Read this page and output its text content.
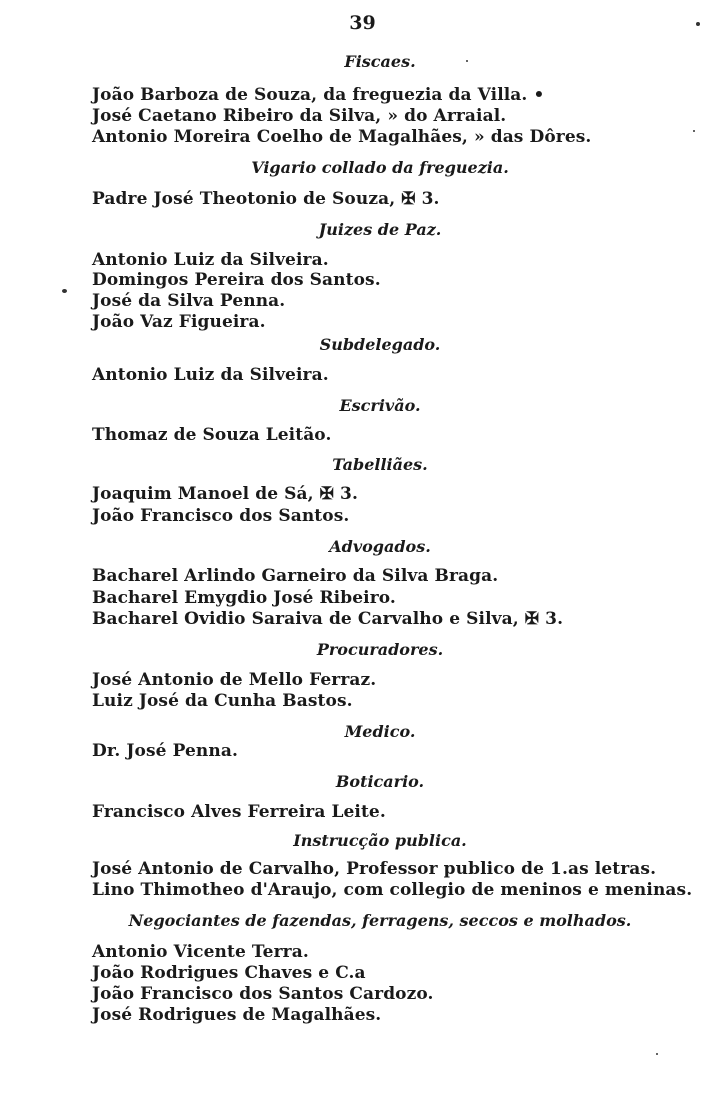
39
Fiscaes.
João Barboza de Souza, da freguezia da Villa. •
José Caetano Ribeiro da Silva, » do Arraial.
Antonio Moreira Coelho de Magalhães, » das Dôres.
Vigario collado da freguezia.
Padre José Theotonio de Souza, ✠ 3.
Juizes de Paz.
Antonio Luiz da Silveira.
Domingos Pereira dos Santos.
José da Silva Penna.
João Vaz Figueira.
Subdelegado.
Antonio Luiz da Silveira.
Escrivão.
Thomaz de Souza Leitão.
Tabelliães.
Joaquim Manoel de Sá, ✠ 3.
João Francisco dos Santos.
Advogados.
Bacharel Arlindo Garneiro da Silva Braga.
Bacharel Emygdio José Ribeiro.
Bacharel Ovidio Saraiva de Carvalho e Silva, ✠ 3.
Procuradores.
José Antonio de Mello Ferraz.
Luiz José da Cunha Bastos.
Medico.
Dr. José Penna.
Boticario.
Francisco Alves Ferreira Leite.
Instrucção publica.
José Antonio de Carvalho, Professor publico de 1.as letras.
Lino Thimotheo d'Araujo, com collegio de meninos e meninas.
Negociantes de fazendas, ferragens, seccos e molhados.
Antonio Vicente Terra.
João Rodrigues Chaves e C.a
João Francisco dos Santos Cardozo.
José Rodrigues de Magalhães.
